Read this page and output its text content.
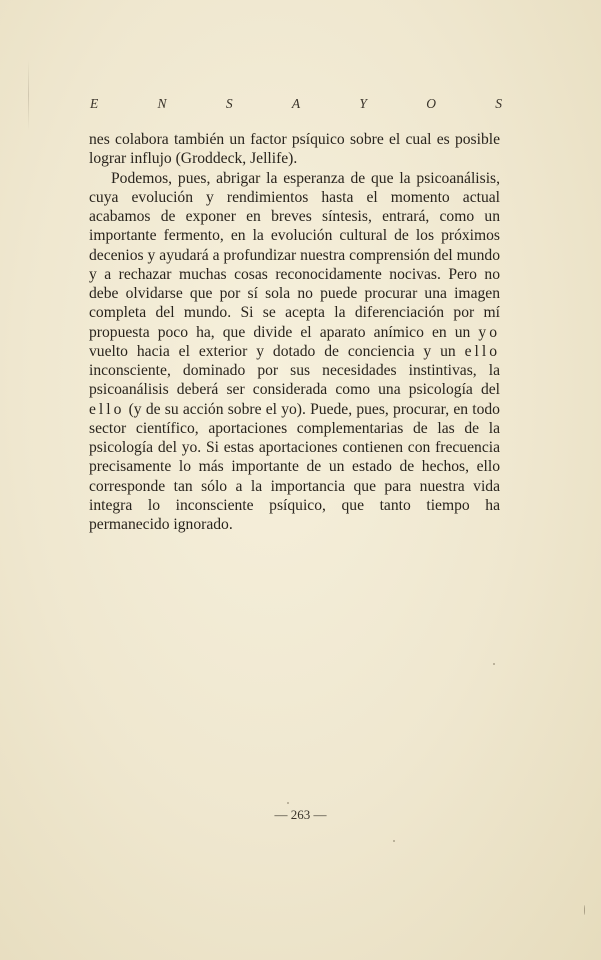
E	N	S	A	Y	O	S

nes colabora también un factor psíquico sobre el cual es posible lograr influjo (Groddeck, Jellife).

Podemos, pues, abrigar la esperanza de que la psicoanálisis, cuya evolución y rendimientos hasta el momento actual acabamos de exponer en breves síntesis, entrará, como un importante fermento, en la evolución cultural de los próximos decenios y ayudará a profundizar nuestra comprensión del mundo y a rechazar muchas cosas reconocidamente nocivas. Pero no debe olvidarse que por sí sola no puede procurar una imagen completa del mundo. Si se acepta la diferenciación por mí propuesta poco ha, que divide el aparato anímico en un yo vuelto hacia el exterior y dotado de conciencia y un ello inconsciente, dominado por sus necesidades instintivas, la psicoanálisis deberá ser considerada como una psicología del ello (y de su acción sobre el yo). Puede, pues, procurar, en todo sector científico, aportaciones complementarias de las de la psicología del yo. Si estas aportaciones contienen con frecuencia precisamente lo más importante de un estado de hechos, ello corresponde tan sólo a la importancia que para nuestra vida integra lo inconsciente psíquico, que tanto tiempo ha permanecido ignorado.

— 263 —
